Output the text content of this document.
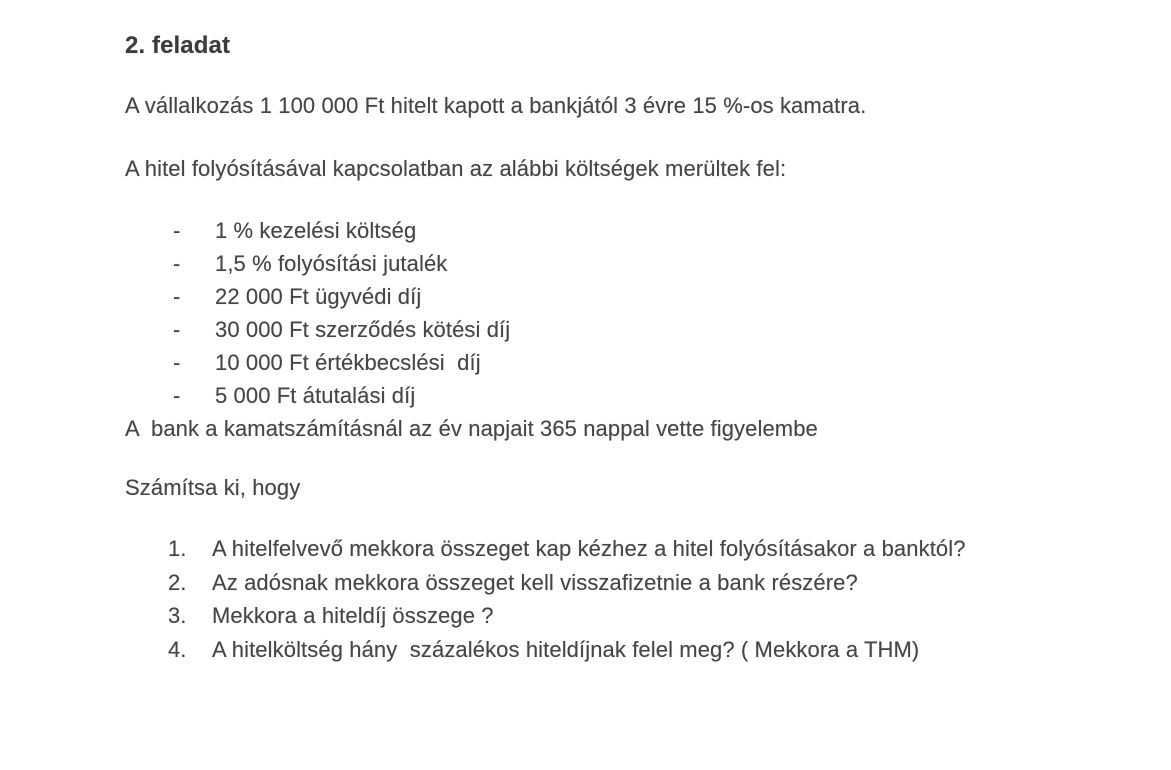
2. feladat
A vállalkozás 1 100 000 Ft hitelt kapott a bankjától 3 évre 15 %-os kamatra.
A hitel folyósításával kapcsolatban az alábbi költségek merültek fel:
-	1 % kezelési költség
-	1,5 % folyósítási jutalék
-	22 000 Ft ügyvédi díj
-	30 000 Ft szerződés kötési díj
-	10 000 Ft értékbecslési  díj
-	5 000 Ft átutalási díj
A  bank a kamatszámításnál az év napjait 365 nappal vette figyelembe
Számítsa ki, hogy
1.	A hitelfelvevő mekkora összeget kap kézhez a hitel folyósításakor a banktól?
2.	Az adósnak mekkora összeget kell visszafizetnie a bank részére?
3.	Mekkora a hiteldíj összege ?
4.	A hitelköltség hány  százalékos hiteldíjnak felel meg? ( Mekkora a THM)
